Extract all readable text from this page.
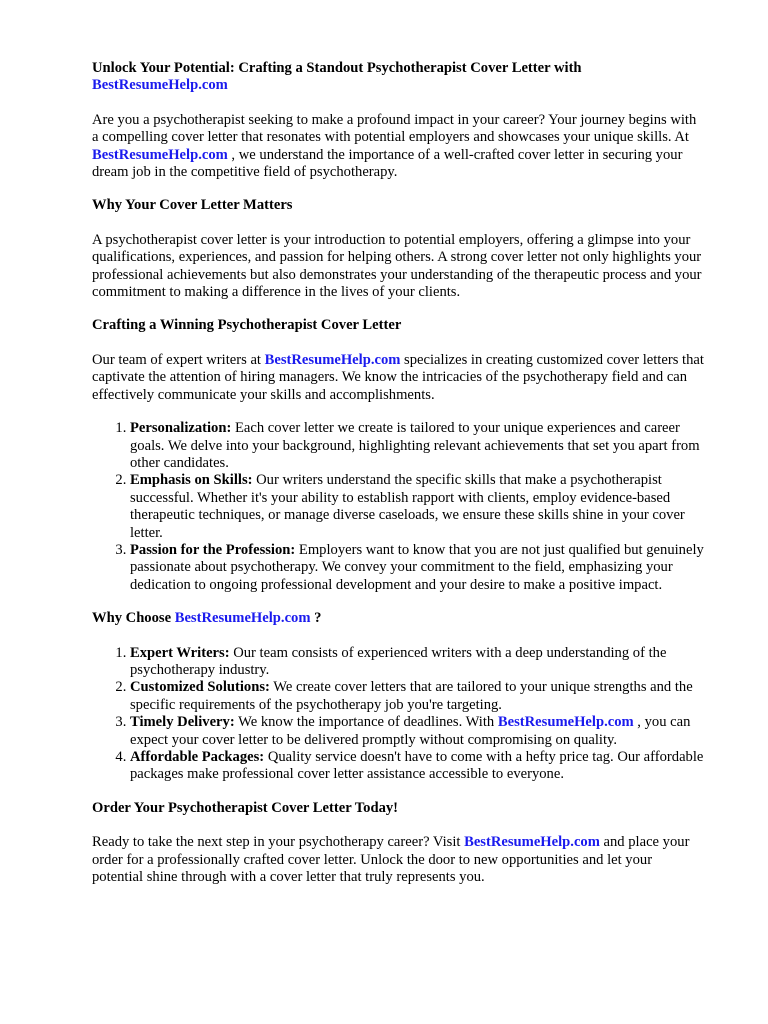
Unlock Your Potential: Crafting a Standout Psychotherapist Cover Letter with
BestResumeHelp.com

Are you a psychotherapist seeking to make a profound impact in your career? Your journey begins with a compelling cover letter that resonates with potential employers and showcases your unique skills. At BestResumeHelp.com , we understand the importance of a well-crafted cover letter in securing your dream job in the competitive field of psychotherapy.

Why Your Cover Letter Matters

A psychotherapist cover letter is your introduction to potential employers, offering a glimpse into your qualifications, experiences, and passion for helping others. A strong cover letter not only highlights your professional achievements but also demonstrates your understanding of the therapeutic process and your commitment to making a difference in the lives of your clients.

Crafting a Winning Psychotherapist Cover Letter

Our team of expert writers at BestResumeHelp.com specializes in creating customized cover letters that captivate the attention of hiring managers. We know the intricacies of the psychotherapy field and can effectively communicate your skills and accomplishments.

1. Personalization: Each cover letter we create is tailored to your unique experiences and career goals. We delve into your background, highlighting relevant achievements that set you apart from other candidates.
2. Emphasis on Skills: Our writers understand the specific skills that make a psychotherapist successful. Whether it's your ability to establish rapport with clients, employ evidence-based therapeutic techniques, or manage diverse caseloads, we ensure these skills shine in your cover letter.
3. Passion for the Profession: Employers want to know that you are not just qualified but genuinely passionate about psychotherapy. We convey your commitment to the field, emphasizing your dedication to ongoing professional development and your desire to make a positive impact.
Why Choose BestResumeHelp.com ?
1. Expert Writers: Our team consists of experienced writers with a deep understanding of the psychotherapy industry.
2. Customized Solutions: We create cover letters that are tailored to your unique strengths and the specific requirements of the psychotherapy job you're targeting.
3. Timely Delivery: We know the importance of deadlines. With BestResumeHelp.com , you can expect your cover letter to be delivered promptly without compromising on quality.
4. Affordable Packages: Quality service doesn't have to come with a hefty price tag. Our affordable packages make professional cover letter assistance accessible to everyone.
Order Your Psychotherapist Cover Letter Today!

Ready to take the next step in your psychotherapy career? Visit BestResumeHelp.com and place your order for a professionally crafted cover letter. Unlock the door to new opportunities and let your potential shine through with a cover letter that truly represents you.
